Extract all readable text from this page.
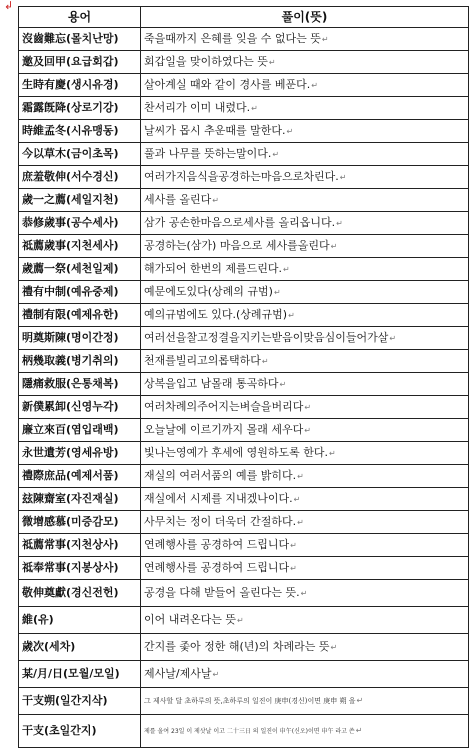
↲
용어	풀이(뜻)
沒齒難忘(몰치난망)	죽을때까지 은혜를 잊을 수 없다는 뜻↵
邀及回甲(요급회갑)	회갑일을 맞이하였다는 뜻↵
生時有慶(생시유경)	살아계실 때와 같이 경사를 베푼다.↵
霜露旣降(상로기강)	찬서리가 이미 내렸다.↵
時維孟冬(시유맹동)	날씨가 몹시 추운때를 말한다.↵
今以草木(금이초목)	풀과 나무를 뜻하는말이다.↵
庶羞敬伸(서수경신)	여러가지음식을공경하는마음으로차린다.↵
歲一之薦(세일지천)	세사를 올린다↵
恭修歲事(공수세사)	삼가 공손한마음으로세사를 올리옵니다.↵
祗薦歲事(지천세사)	공경하는(삼가) 마음으로 세사를올린다↵
歲薦一祭(세천일제)	해가되어 한번의 제를드린다.↵
禮有中制(예유중제)	예문에도있다(상례의 규범)↵
禮制有限(예제유한)	예의규범에도 있다.(상례규범)↵
明奠斯陳(명이간정)	여러선을찰고정결을지키는받음이맞음심이들어가살↵
柄幾取義(병기취의)	천재를빌리고의롭택하다↵
隱痛救服(은통채복)	상복을입고 남몰래 통곡하다↵
新僕累卸(신영누각)	여러차례의주어지는벼슬을버리다↵
廉立來百(염입래백)	오늘날에 이르기까지 몰래 세우다↵
永世遺芳(영세유방)	빛나는영예가 후세에 영원하도록 한다.↵
禮際庶品(예제서품)	재실의 여러서품의 예를 밝히다.↵
玆陳齋室(자진재실)	재실에서 시제를 지내겠나이다.↵
微增感慕(미증감모)	사무치는 정이 더욱더 간절하다.↵
祗薦常事(지천상사)	연례행사를 공경하여 드립니다↵
祗奉常事(지봉상사)	연례행사를 공경하여 드립니다↵
敬伸奠獻(경신전헌)	공경을 다해 받들어 올린다는 뜻.↵
維(유)	이어 내려온다는 뜻↵
歲次(세차)	간지를 좇아 정한 해(년)의 차례라는 뜻↵
某/月/日(모월/모일)	제사날/제사날↵
干支朔(일간지삭)	그 제사할 달 초하루의 뜻,초하루의 일진이 庚申(경신)이면 庚申 朔 을↵
干支(초일간지)	제를 올여 23일 이 제삿날 이고 二十三日 의 일진이 申午(신오)이면 申午 라고 쓴↵
